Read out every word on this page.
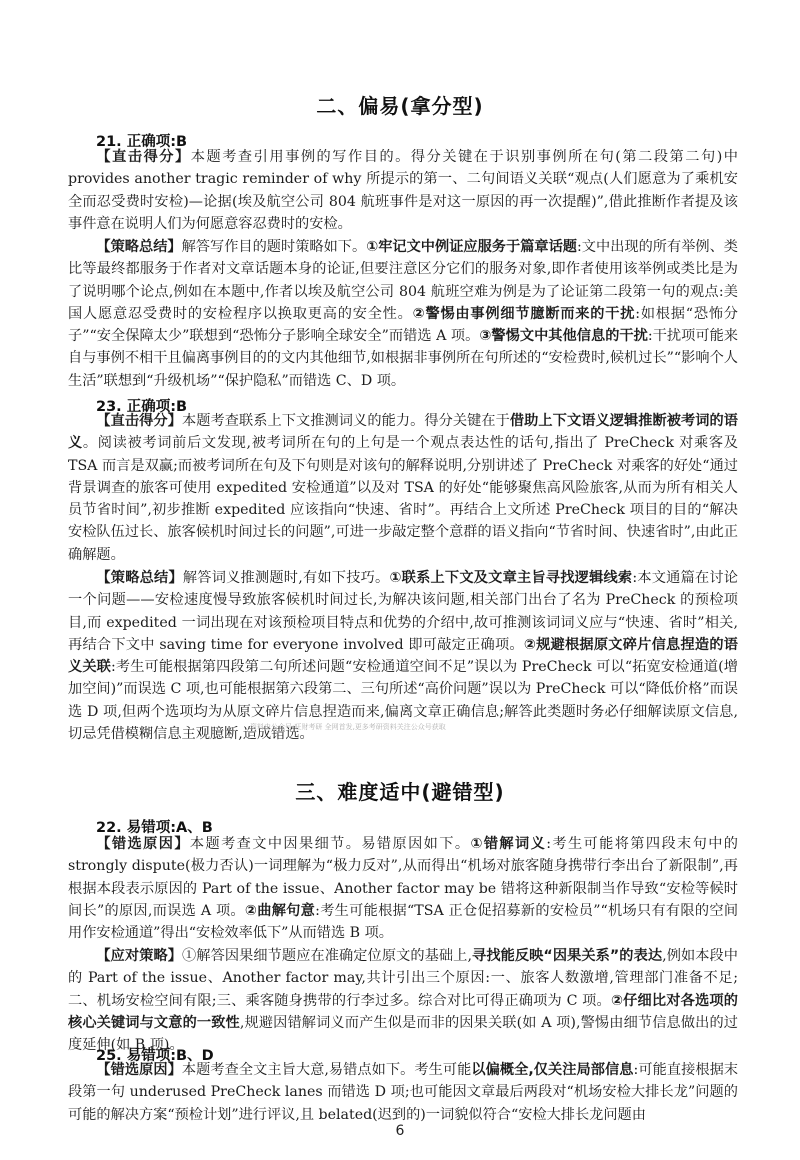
二、偏易(拿分型)
21. 正确项:B
【直击得分】本题考查引用事例的写作目的。得分关键在于识别事例所在句(第二段第二句)中 provides another tragic reminder of why 所提示的第一、二句间语义关联“观点(人们愿意为了乘机安全而忍受费时安检)—论据(埃及航空公司 804 航班事件是对这一原因的再一次提醒)”,借此推断作者提及该事件意在说明人们为何愿意容忍费时的安检。
【策略总结】解答写作目的题时策略如下。①牢记文中例证应服务于篇章话题:文中出现的所有举例、类比等最终都服务于作者对文章话题本身的论证,但要注意区分它们的服务对象,即作者使用该举例或类比是为了说明哪个论点,例如在本题中,作者以埃及航空公司 804 航班空难为例是为了论证第二段第一句的观点:美国人愿意忍受费时的安检程序以换取更高的安全性。②警惕由事例细节臆断而来的干扰:如根据“恐怖分子”“安全保障太少”联想到“恐怖分子影响全球安全”而错选 A 项。③警惕文中其他信息的干扰:干扰项可能来自与事例不相干且偏离事例目的的文内其他细节,如根据非事例所在句所述的“安检费时,候机过长”“影响个人生活”联想到“升级机场”“保护隐私”而错选 C、D 项。
23. 正确项:B
【直击得分】本题考查联系上下文推测词义的能力。得分关键在于借助上下文语义逻辑推断被考词的语义。阅读被考词前后文发现,被考词所在句的上句是一个观点表达性的话句,指出了 PreCheck 对乘客及 TSA 而言是双赢;而被考词所在句及下句则是对该句的解释说明,分别讲述了 PreCheck 对乘客的好处“通过背景调查的旅客可使用 expedited 安检通道”以及对 TSA 的好处“能够聚焦高风险旅客,从而为所有相关人员节省时间”,初步推断 expedited 应该指向“快速、省时”。再结合上文所述 PreCheck 项目的目的“解决安检队伍过长、旅客候机时间过长的问题”,可进一步敲定整个意群的语义指向“节省时间、快速省时”,由此正确解题。
【策略总结】解答词义推测题时,有如下技巧。①联系上下文及文章主旨寻找逻辑线索:本文通篇在讨论一个问题——安检速度慢导致旅客候机时间过长,为解决该问题,相关部门出台了名为 PreCheck 的预检项目,而 expedited 一词出现在对该预检项目特点和优势的介绍中,故可推测该词词义应与“快速、省时”相关,再结合下文中 saving time for everyone involved 即可敲定正确项。②规避根据原文碎片信息捏造的语义关联:考生可能根据第四段第二句所述问题“安检通道空间不足”误以为 PreCheck 可以“拓宽安检通道(增加空间)”而误选 C 项,也可能根据第六段第二、三句所述“高价问题”误以为 PreCheck 可以“降低价格”而误选 D 项,但两个选项均为从原文碎片信息捏造而来,偏离文章正确信息;解答此类题时务必仔细解读原文信息,切忌凭借模糊信息主观臆断,造成错选。
资料由公众号:旺财考研 全网首发,更多考研资料关注公众号获取
三、难度适中(避错型)
22. 易错项:A、B
【错选原因】本题考查文中因果细节。易错原因如下。①错解词义:考生可能将第四段末句中的 strongly dispute(极力否认)一词理解为“极力反对”,从而得出“机场对旅客随身携带行李出台了新限制”,再根据本段表示原因的 Part of the issue、Another factor may be 错将这种新限制当作导致“安检等候时间长”的原因,而误选 A 项。②曲解句意:考生可能根据“TSA 正仓促招募新的安检员”“机场只有有限的空间用作安检通道”得出“安检效率低下”从而错选 B 项。
【应对策略】①解答因果细节题应在准确定位原文的基础上,寻找能反映“因果关系”的表达,例如本段中的 Part of the issue、Another factor may,共计引出三个原因:一、旅客人数激增,管理部门准备不足;二、机场安检空间有限;三、乘客随身携带的行李过多。综合对比可得正确项为 C 项。②仔细比对各选项的核心关键词与文意的一致性,规避因错解词义而产生似是而非的因果关联(如 A 项),警惕由细节信息做出的过度延伸(如 B 项)。
25. 易错项:B、D
【错选原因】本题考查全文主旨大意,易错点如下。考生可能以偏概全,仅关注局部信息:可能直接根据末段第一句 underused PreCheck lanes 而错选 D 项;也可能因文章最后两段对“机场安检大排长龙”问题的可能的解决方案“预检计划”进行评议,且 belated(迟到的)一词貌似符合“安检大排长龙问题由
6
